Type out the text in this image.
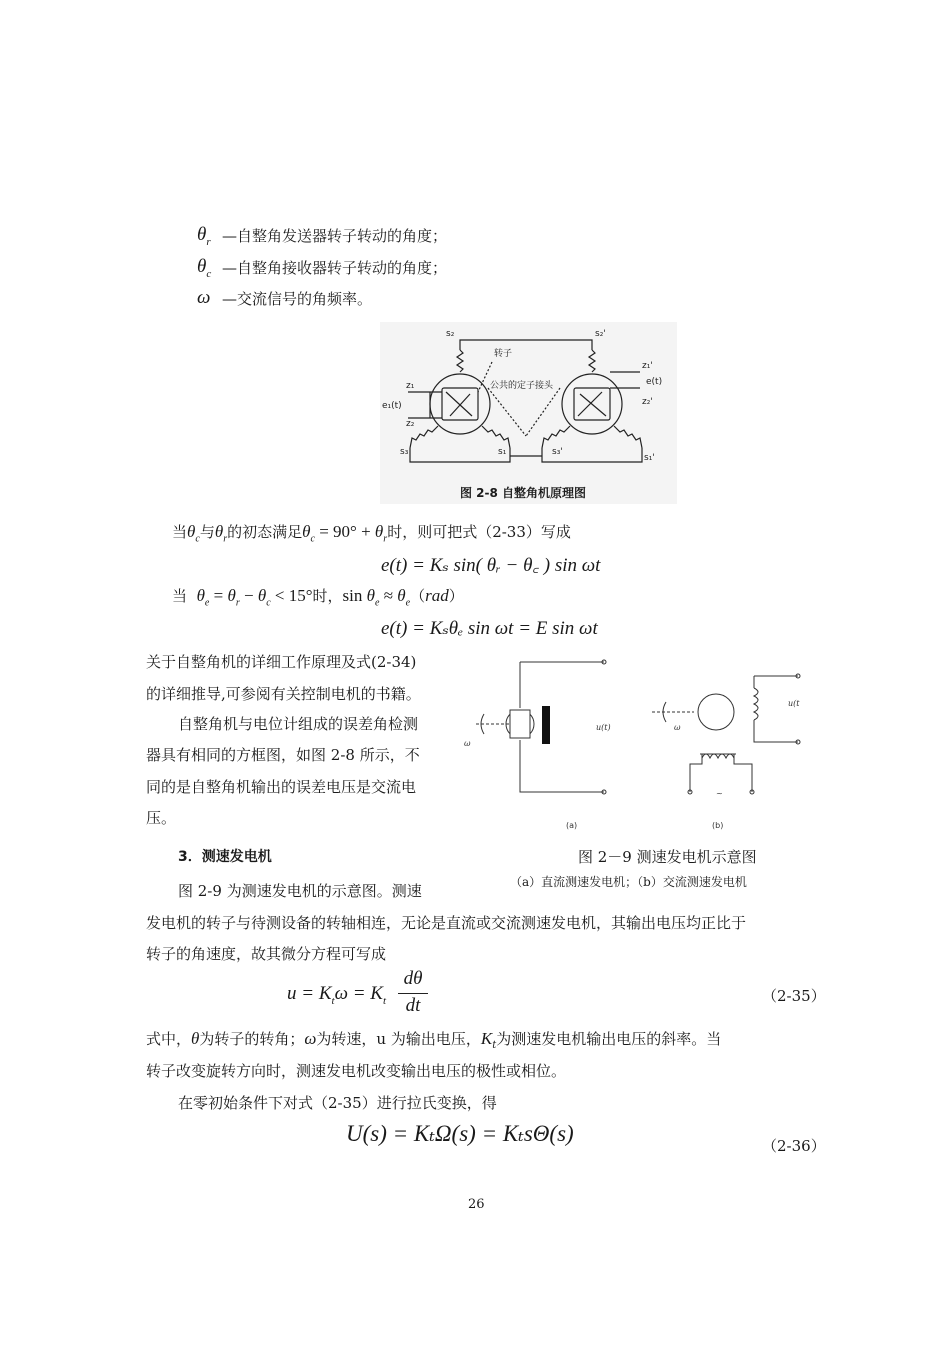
$\theta_r$ —自整角发送器转子转动的角度；
$\theta_c$ —自整角接收器转子转动的角度；
ω —交流信号的角频率。
s₂	s₂'
转子
公共的定子接头
z₁
e₁(t)
z₂
z₁'
e(t)
z₂'
s₃	s₁	s₃'
s₁'
图 2-8 自整角机原理图
当$\theta_c$与$\theta_r$的初态满足$\theta_c = 90^\circ + \theta_r$时，则可把式（2-33）写成
e(t) = Kₛ sin( θᵣ − θ꜀ ) sin ωt
当 $\theta_e = \theta_r - \theta_c < 15^\circ$时，$\sin \theta_e \approx \theta_e(rad)$
e(t) = Kₛθₑ sin ωt = E sin ωt
关于自整角机的详细工作原理及式(2-34)
的详细推导,可参阅有关控制电机的书籍。
自整角机与电位计组成的误差角检测
器具有相同的方框图，如图 2-8 所示，不
同的是自整角机输出的误差电压是交流电
压。
u(t)
u(t
ω
ω
~
(a)	(b)
图 2－9 测速发电机示意图
（a）直流测速发电机；（b）交流测速发电机
3．测速发电机
图 2-9 为测速发电机的示意图。测速
发电机的转子与待测设备的转轴相连，无论是直流或交流测速发电机，其输出电压均正比于
转子的角速度，故其微分方程可写成
$u = K_t\omega = K_t$
dθ
dt	（2-35）
式中，θ为转子的转角；ω为转速，u 为输出电压，$K_t$为测速发电机输出电压的斜率。当
转子改变旋转方向时，测速发电机改变输出电压的极性或相位。
在零初始条件下对式（2-35）进行拉氏变换，得
U(s) = KₜΩ(s) = KₜsΘ(s)	（2-36）
26
